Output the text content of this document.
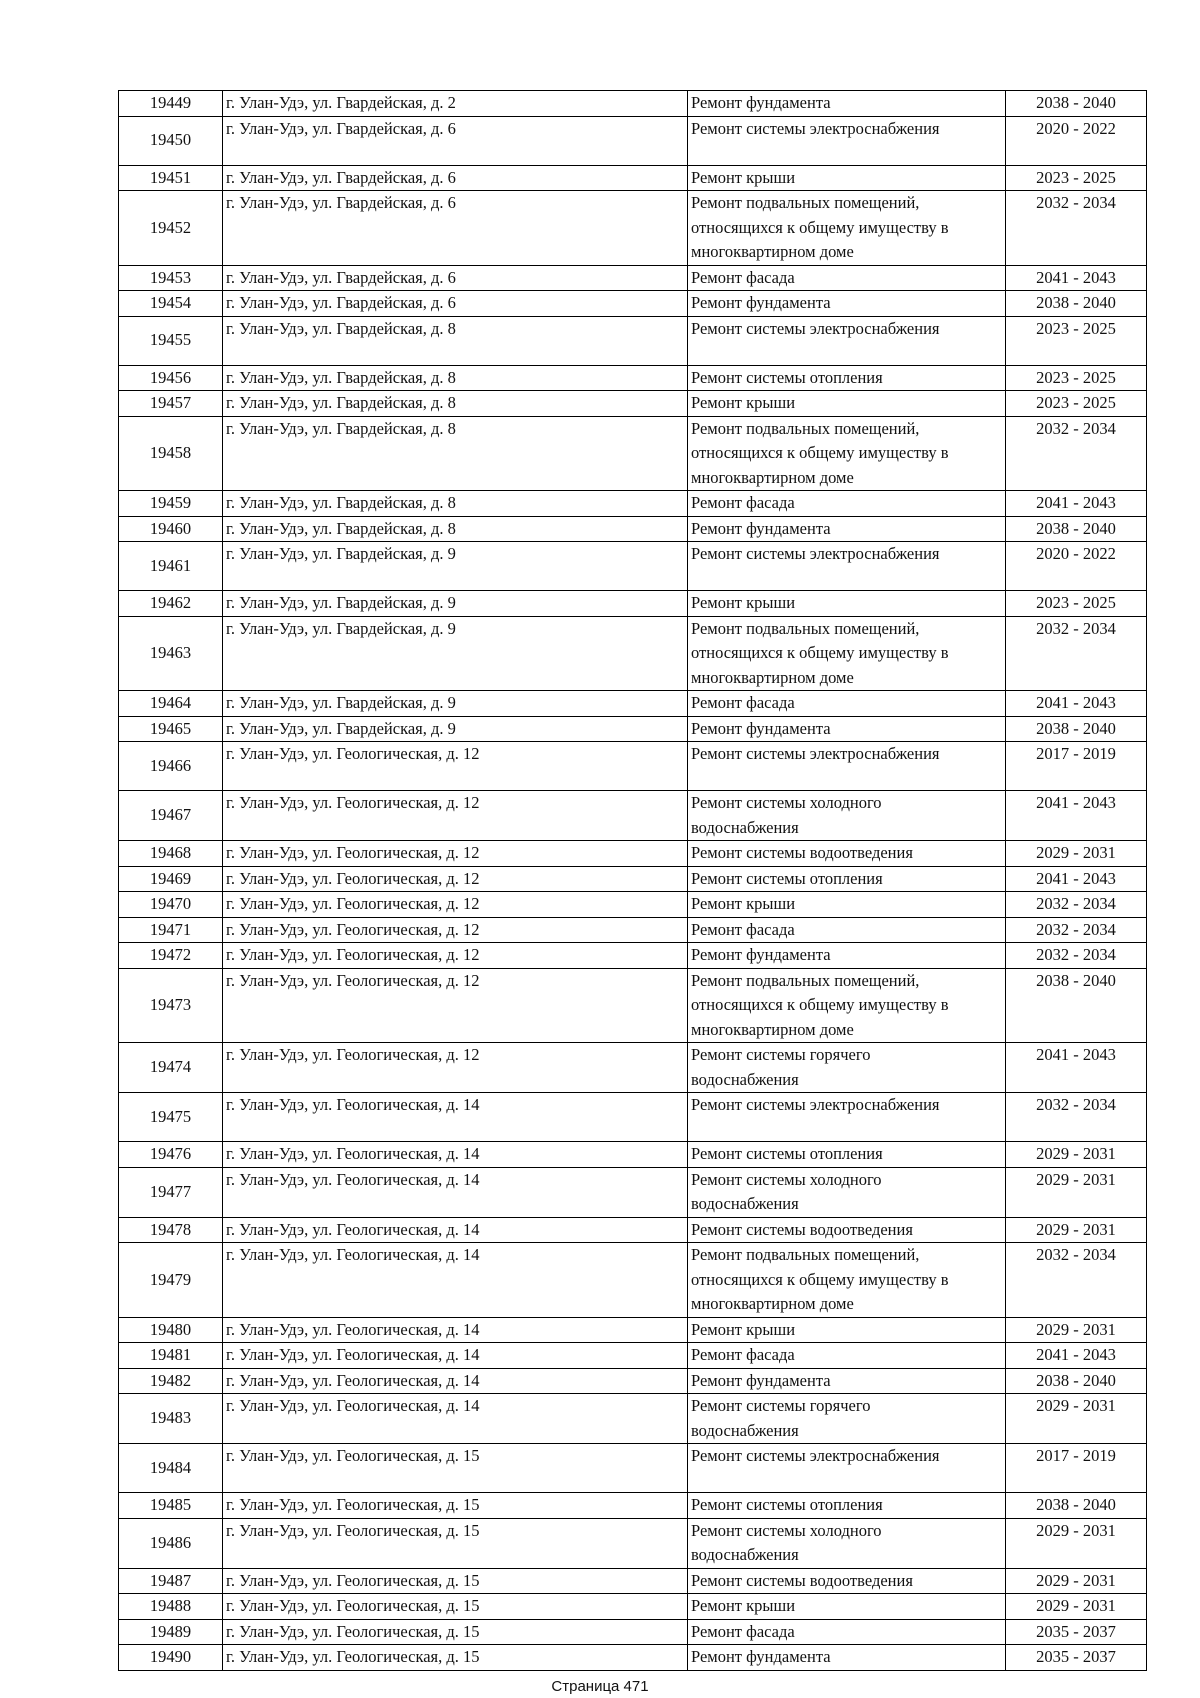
19449	г. Улан-Удэ, ул. Гвардейская, д. 2	Ремонт фундамента	2038 - 2040
19450	г. Улан-Удэ, ул. Гвардейская, д. 6	Ремонт системы электроснабжения	2020 - 2022
19451	г. Улан-Удэ, ул. Гвардейская, д. 6	Ремонт крыши	2023 - 2025
19452	г. Улан-Удэ, ул. Гвардейская, д. 6	Ремонт подвальных помещений,
относящихся к общему имуществу в
многоквартирном доме	2032 - 2034
19453	г. Улан-Удэ, ул. Гвардейская, д. 6	Ремонт фасада	2041 - 2043
19454	г. Улан-Удэ, ул. Гвардейская, д. 6	Ремонт фундамента	2038 - 2040
19455	г. Улан-Удэ, ул. Гвардейская, д. 8	Ремонт системы электроснабжения	2023 - 2025
19456	г. Улан-Удэ, ул. Гвардейская, д. 8	Ремонт системы отопления	2023 - 2025
19457	г. Улан-Удэ, ул. Гвардейская, д. 8	Ремонт крыши	2023 - 2025
19458	г. Улан-Удэ, ул. Гвардейская, д. 8	Ремонт подвальных помещений,
относящихся к общему имуществу в
многоквартирном доме	2032 - 2034
19459	г. Улан-Удэ, ул. Гвардейская, д. 8	Ремонт фасада	2041 - 2043
19460	г. Улан-Удэ, ул. Гвардейская, д. 8	Ремонт фундамента	2038 - 2040
19461	г. Улан-Удэ, ул. Гвардейская, д. 9	Ремонт системы электроснабжения	2020 - 2022
19462	г. Улан-Удэ, ул. Гвардейская, д. 9	Ремонт крыши	2023 - 2025
19463	г. Улан-Удэ, ул. Гвардейская, д. 9	Ремонт подвальных помещений,
относящихся к общему имуществу в
многоквартирном доме	2032 - 2034
19464	г. Улан-Удэ, ул. Гвардейская, д. 9	Ремонт фасада	2041 - 2043
19465	г. Улан-Удэ, ул. Гвардейская, д. 9	Ремонт фундамента	2038 - 2040
19466	г. Улан-Удэ, ул. Геологическая, д. 12	Ремонт системы электроснабжения	2017 - 2019
19467	г. Улан-Удэ, ул. Геологическая, д. 12	Ремонт системы холодного
водоснабжения	2041 - 2043
19468	г. Улан-Удэ, ул. Геологическая, д. 12	Ремонт системы водоотведения	2029 - 2031
19469	г. Улан-Удэ, ул. Геологическая, д. 12	Ремонт системы отопления	2041 - 2043
19470	г. Улан-Удэ, ул. Геологическая, д. 12	Ремонт крыши	2032 - 2034
19471	г. Улан-Удэ, ул. Геологическая, д. 12	Ремонт фасада	2032 - 2034
19472	г. Улан-Удэ, ул. Геологическая, д. 12	Ремонт фундамента	2032 - 2034
19473	г. Улан-Удэ, ул. Геологическая, д. 12	Ремонт подвальных помещений,
относящихся к общему имуществу в
многоквартирном доме	2038 - 2040
19474	г. Улан-Удэ, ул. Геологическая, д. 12	Ремонт системы горячего
водоснабжения	2041 - 2043
19475	г. Улан-Удэ, ул. Геологическая, д. 14	Ремонт системы электроснабжения	2032 - 2034
19476	г. Улан-Удэ, ул. Геологическая, д. 14	Ремонт системы отопления	2029 - 2031
19477	г. Улан-Удэ, ул. Геологическая, д. 14	Ремонт системы холодного
водоснабжения	2029 - 2031
19478	г. Улан-Удэ, ул. Геологическая, д. 14	Ремонт системы водоотведения	2029 - 2031
19479	г. Улан-Удэ, ул. Геологическая, д. 14	Ремонт подвальных помещений,
относящихся к общему имуществу в
многоквартирном доме	2032 - 2034
19480	г. Улан-Удэ, ул. Геологическая, д. 14	Ремонт крыши	2029 - 2031
19481	г. Улан-Удэ, ул. Геологическая, д. 14	Ремонт фасада	2041 - 2043
19482	г. Улан-Удэ, ул. Геологическая, д. 14	Ремонт фундамента	2038 - 2040
19483	г. Улан-Удэ, ул. Геологическая, д. 14	Ремонт системы горячего
водоснабжения	2029 - 2031
19484	г. Улан-Удэ, ул. Геологическая, д. 15	Ремонт системы электроснабжения	2017 - 2019
19485	г. Улан-Удэ, ул. Геологическая, д. 15	Ремонт системы отопления	2038 - 2040
19486	г. Улан-Удэ, ул. Геологическая, д. 15	Ремонт системы холодного
водоснабжения	2029 - 2031
19487	г. Улан-Удэ, ул. Геологическая, д. 15	Ремонт системы водоотведения	2029 - 2031
19488	г. Улан-Удэ, ул. Геологическая, д. 15	Ремонт крыши	2029 - 2031
19489	г. Улан-Удэ, ул. Геологическая, д. 15	Ремонт фасада	2035 - 2037
19490	г. Улан-Удэ, ул. Геологическая, д. 15	Ремонт фундамента	2035 - 2037
Страница 471
